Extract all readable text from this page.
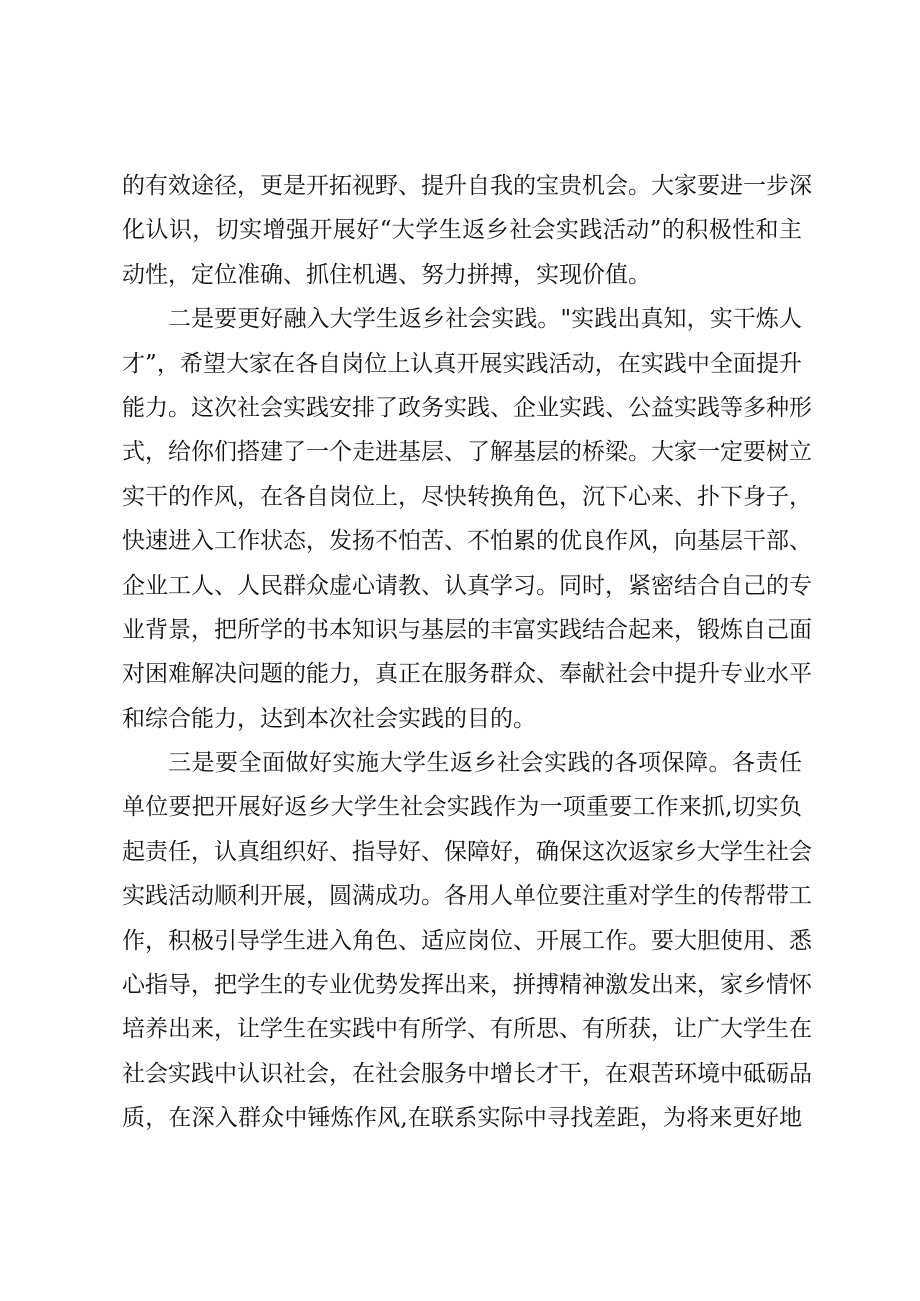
的有效途径，更是开拓视野、提升自我的宝贵机会。大家要进一步深
化认识，切实增强开展好“大学生返乡社会实践活动”的积极性和主
动性，定位准确、抓住机遇、努力拼搏，实现价值。
二是要更好融入大学生返乡社会实践。"实践出真知，实干炼人
才”，希望大家在各自岗位上认真开展实践活动，在实践中全面提升
能力。这次社会实践安排了政务实践、企业实践、公益实践等多种形
式，给你们搭建了一个走进基层、了解基层的桥梁。大家一定要树立
实干的作风，在各自岗位上，尽快转换角色，沉下心来、扑下身子，
快速进入工作状态，发扬不怕苦、不怕累的优良作风，向基层干部、
企业工人、人民群众虚心请教、认真学习。同时，紧密结合自己的专
业背景，把所学的书本知识与基层的丰富实践结合起来，锻炼自己面
对困难解决问题的能力，真正在服务群众、奉献社会中提升专业水平
和综合能力，达到本次社会实践的目的。
三是要全面做好实施大学生返乡社会实践的各项保障。各责任
单位要把开展好返乡大学生社会实践作为一项重要工作来抓,切实负
起责任，认真组织好、指导好、保障好，确保这次返家乡大学生社会
实践活动顺利开展，圆满成功。各用人单位要注重对学生的传帮带工
作，积极引导学生进入角色、适应岗位、开展工作。要大胆使用、悉
心指导，把学生的专业优势发挥出来，拼搏精神激发出来，家乡情怀
培养出来，让学生在实践中有所学、有所思、有所获，让广大学生在
社会实践中认识社会，在社会服务中增长才干，在艰苦环境中砥砺品
质，在深入群众中锤炼作风,在联系实际中寻找差距，为将来更好地
